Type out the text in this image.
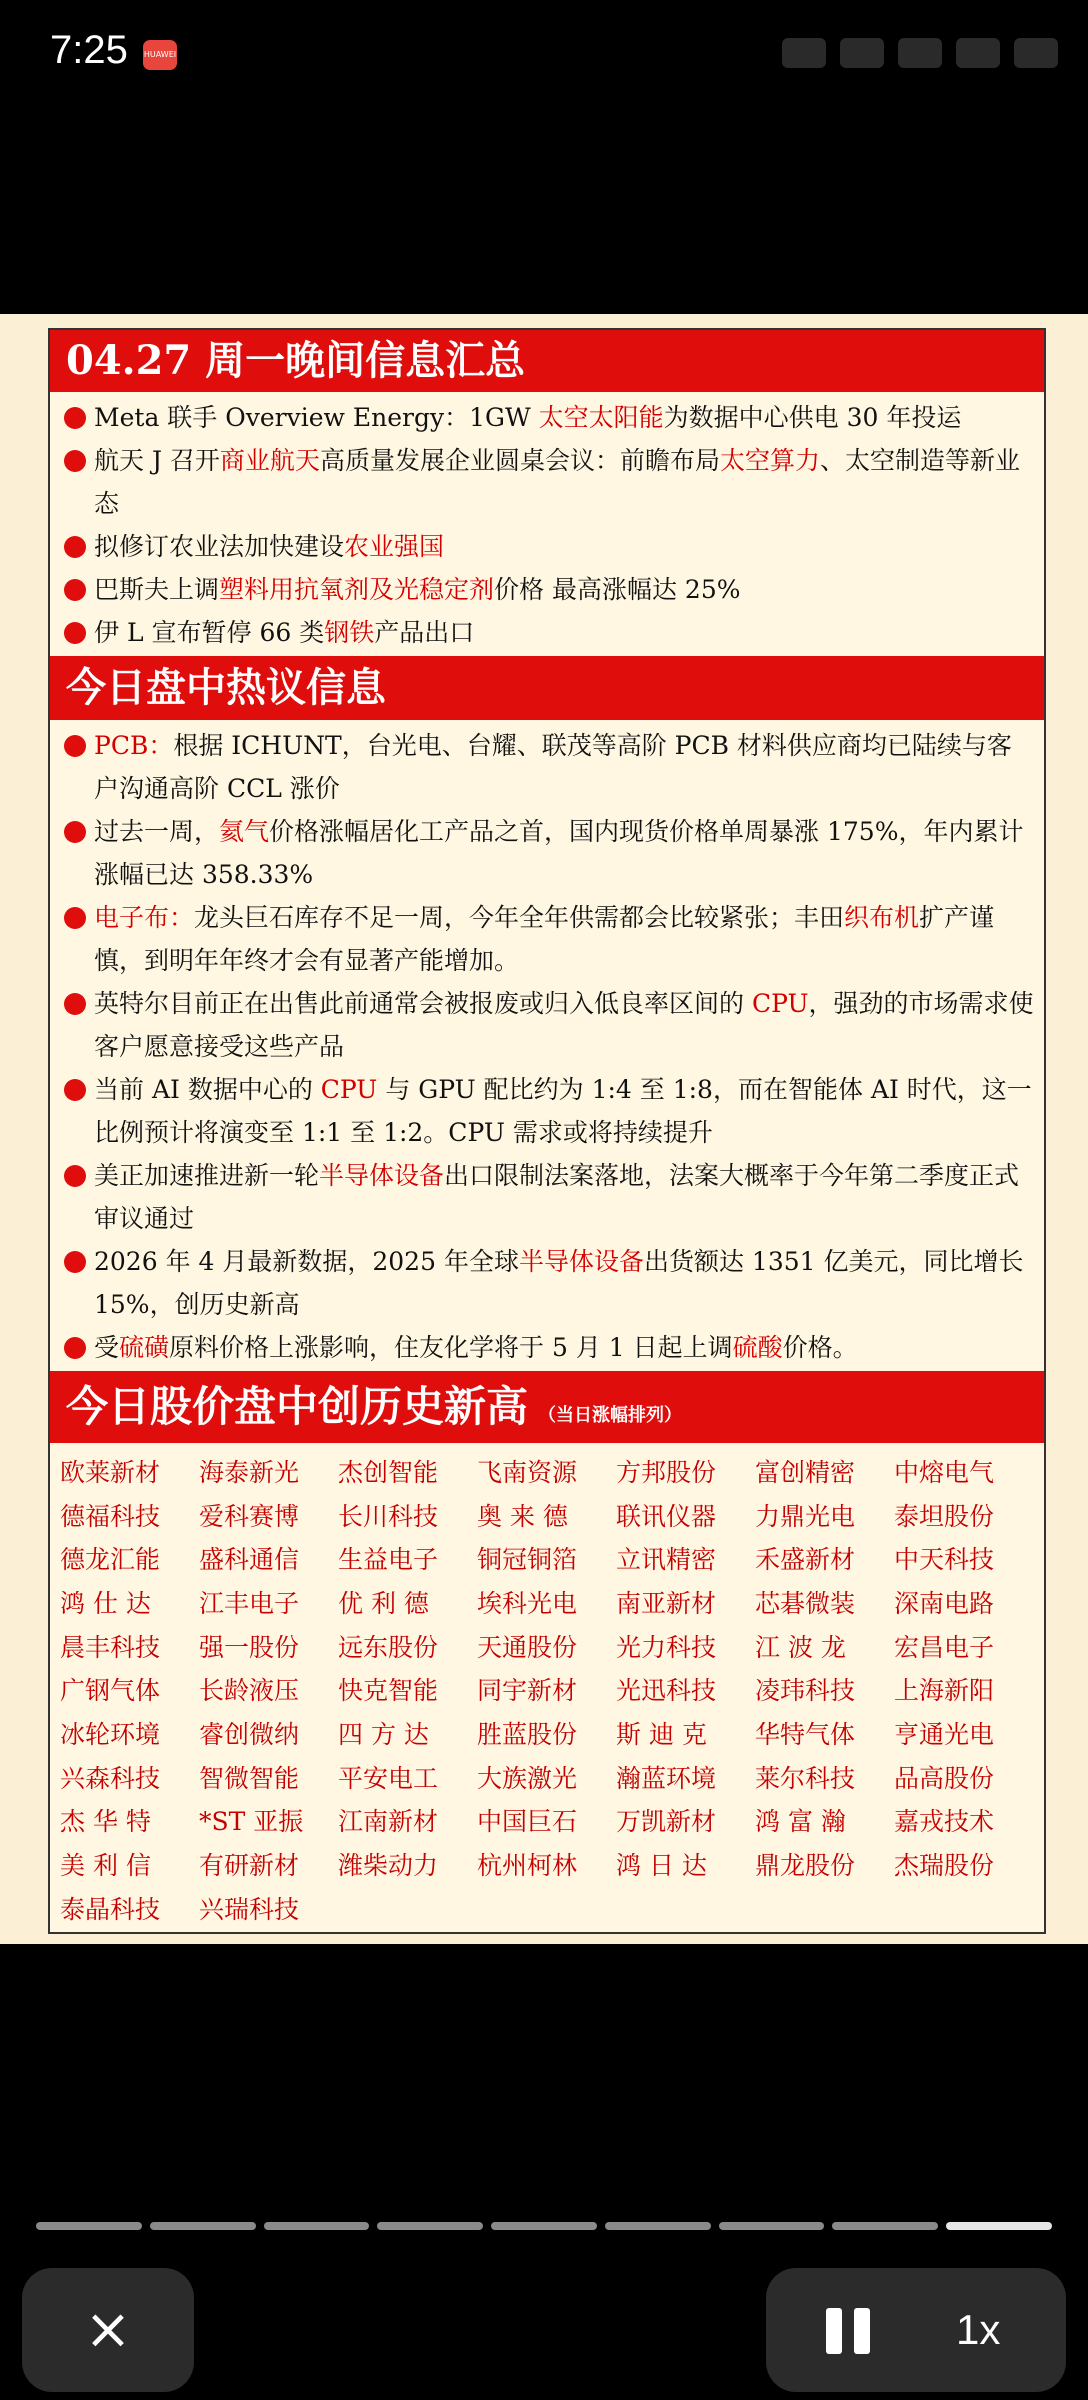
7:25 HUAWEI
04.27 周一晚间信息汇总
Meta 联手 Overview Energy：1GW 太空太阳能为数据中心供电 30 年投运
航天 J 召开商业航天高质量发展企业圆桌会议：前瞻布局太空算力、太空制造等新业态
拟修订农业法加快建设农业强国
巴斯夫上调塑料用抗氧剂及光稳定剂价格 最高涨幅达 25%
伊 L 宣布暂停 66 类钢铁产品出口
今日盘中热议信息
PCB：根据 ICHUNT，台光电、台耀、联茂等高阶 PCB 材料供应商均已陆续与客户沟通高阶 CCL 涨价
过去一周，氦气价格涨幅居化工产品之首，国内现货价格单周暴涨 175%，年内累计涨幅已达 358.33%
电子布：龙头巨石库存不足一周，今年全年供需都会比较紧张；丰田织布机扩产谨慎，到明年年终才会有显著产能增加。
英特尔目前正在出售此前通常会被报废或归入低良率区间的 CPU，强劲的市场需求使客户愿意接受这些产品
当前 AI 数据中心的 CPU 与 GPU 配比约为 1:4 至 1:8，而在智能体 AI 时代，这一比例预计将演变至 1:1 至 1:2。CPU 需求或将持续提升
美正加速推进新一轮半导体设备出口限制法案落地，法案大概率于今年第二季度正式审议通过
2026 年 4 月最新数据，2025 年全球半导体设备出货额达 1351 亿美元，同比增长 15%，创历史新高
受硫磺原料价格上涨影响，住友化学将于 5 月 1 日起上调硫酸价格。
今日股价盘中创历史新高 （当日涨幅排列）
欧莱新材	海泰新光	杰创智能	飞南资源	方邦股份	富创精密	中熔电气
德福科技	爱科赛博	长川科技	奥 来 德	联讯仪器	力鼎光电	泰坦股份
德龙汇能	盛科通信	生益电子	铜冠铜箔	立讯精密	禾盛新材	中天科技
鸿 仕 达	江丰电子	优 利 德	埃科光电	南亚新材	芯碁微装	深南电路
晨丰科技	强一股份	远东股份	天通股份	光力科技	江 波 龙	宏昌电子
广钢气体	长龄液压	快克智能	同宇新材	光迅科技	凌玮科技	上海新阳
冰轮环境	睿创微纳	四 方 达	胜蓝股份	斯 迪 克	华特气体	亨通光电
兴森科技	智微智能	平安电工	大族激光	瀚蓝环境	莱尔科技	品高股份
杰 华 特	*ST 亚振	江南新材	中国巨石	万凯新材	鸿 富 瀚	嘉戎技术
美 利 信	有研新材	潍柴动力	杭州柯林	鸿 日 达	鼎龙股份	杰瑞股份
泰晶科技	兴瑞科技
×	1x
